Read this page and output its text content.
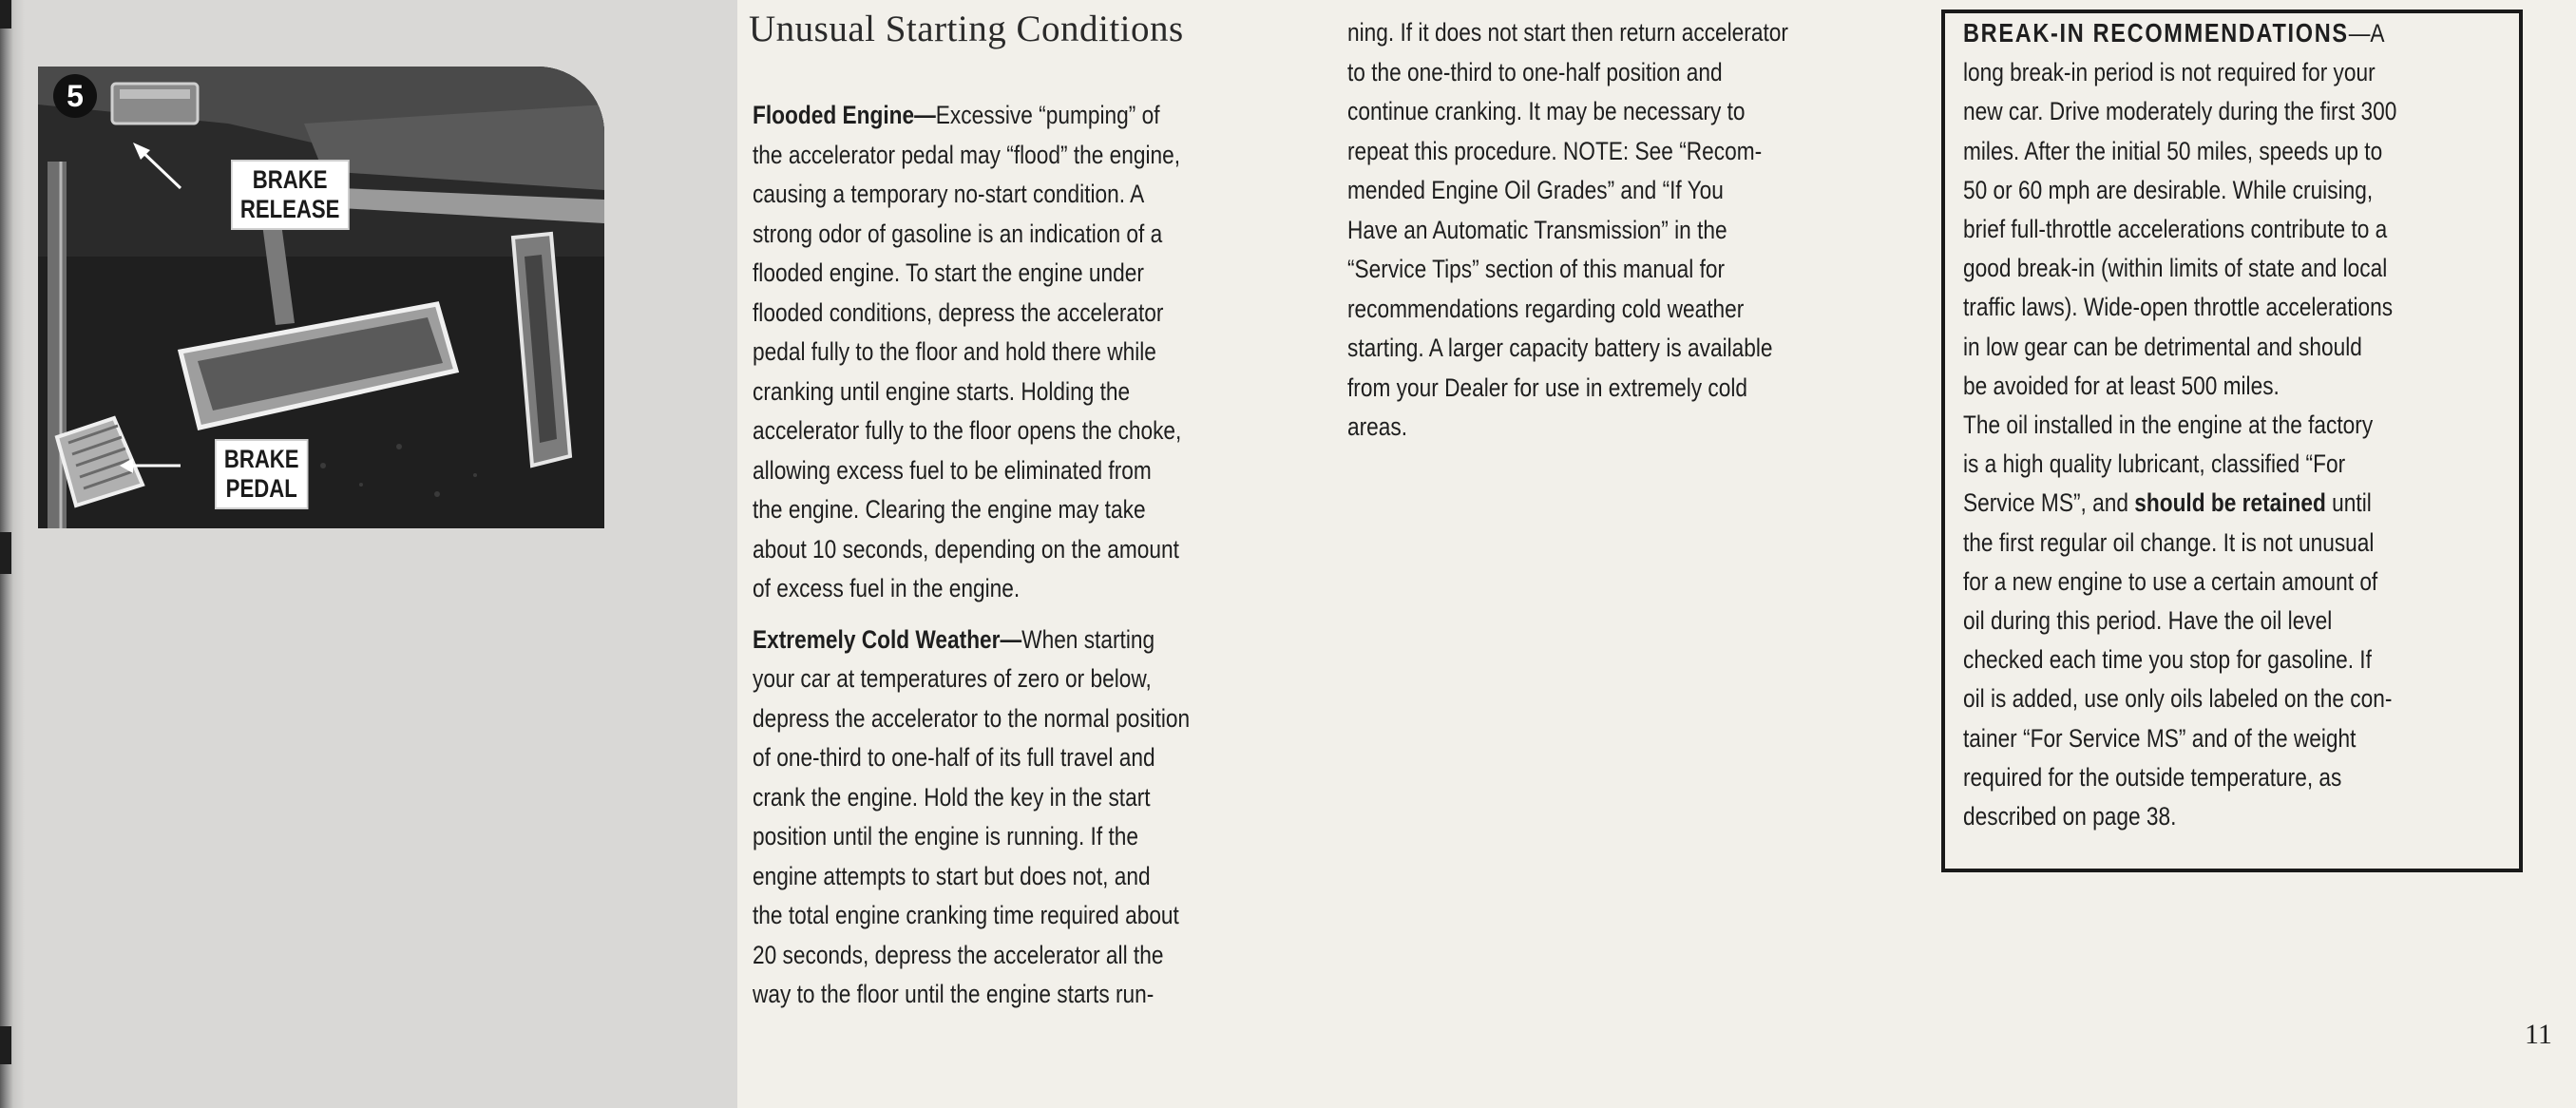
5
BRAKE
RELEASE
BRAKE
PEDAL
Unusual Starting Conditions

Flooded Engine—Excessive “pumping” of
the accelerator pedal may “flood” the engine,
causing a temporary no-start condition. A
strong odor of gasoline is an indication of a
flooded engine. To start the engine under
flooded conditions, depress the accelerator
pedal fully to the floor and hold there while
cranking until engine starts. Holding the
accelerator fully to the floor opens the choke,
allowing excess fuel to be eliminated from
the engine. Clearing the engine may take
about 10 seconds, depending on the amount
of excess fuel in the engine.

Extremely Cold Weather—When starting
your car at temperatures of zero or below,
depress the accelerator to the normal position
of one-third to one-half of its full travel and
crank the engine. Hold the key in the start
position until the engine is running. If the
engine attempts to start but does not, and
the total engine cranking time required about
20 seconds, depress the accelerator all the
way to the floor until the engine starts run-

ning. If it does not start then return accelerator
to the one-third to one-half position and
continue cranking. It may be necessary to
repeat this procedure. NOTE: See “Recom-
mended Engine Oil Grades” and “If You
Have an Automatic Transmission” in the
“Service Tips” section of this manual for
recommendations regarding cold weather
starting. A larger capacity battery is available
from your Dealer for use in extremely cold
areas.

BREAK-IN RECOMMENDATIONS—A
long break-in period is not required for your
new car. Drive moderately during the first 300
miles. After the initial 50 miles, speeds up to
50 or 60 mph are desirable. While cruising,
brief full-throttle accelerations contribute to a
good break-in (within limits of state and local
traffic laws). Wide-open throttle accelerations
in low gear can be detrimental and should
be avoided for at least 500 miles.

The oil installed in the engine at the factory
is a high quality lubricant, classified “For
Service MS”, and should be retained until
the first regular oil change. It is not unusual
for a new engine to use a certain amount of
oil during this period. Have the oil level
checked each time you stop for gasoline. If
oil is added, use only oils labeled on the con-
tainer “For Service MS” and of the weight
required for the outside temperature, as
described on page 38.

11
